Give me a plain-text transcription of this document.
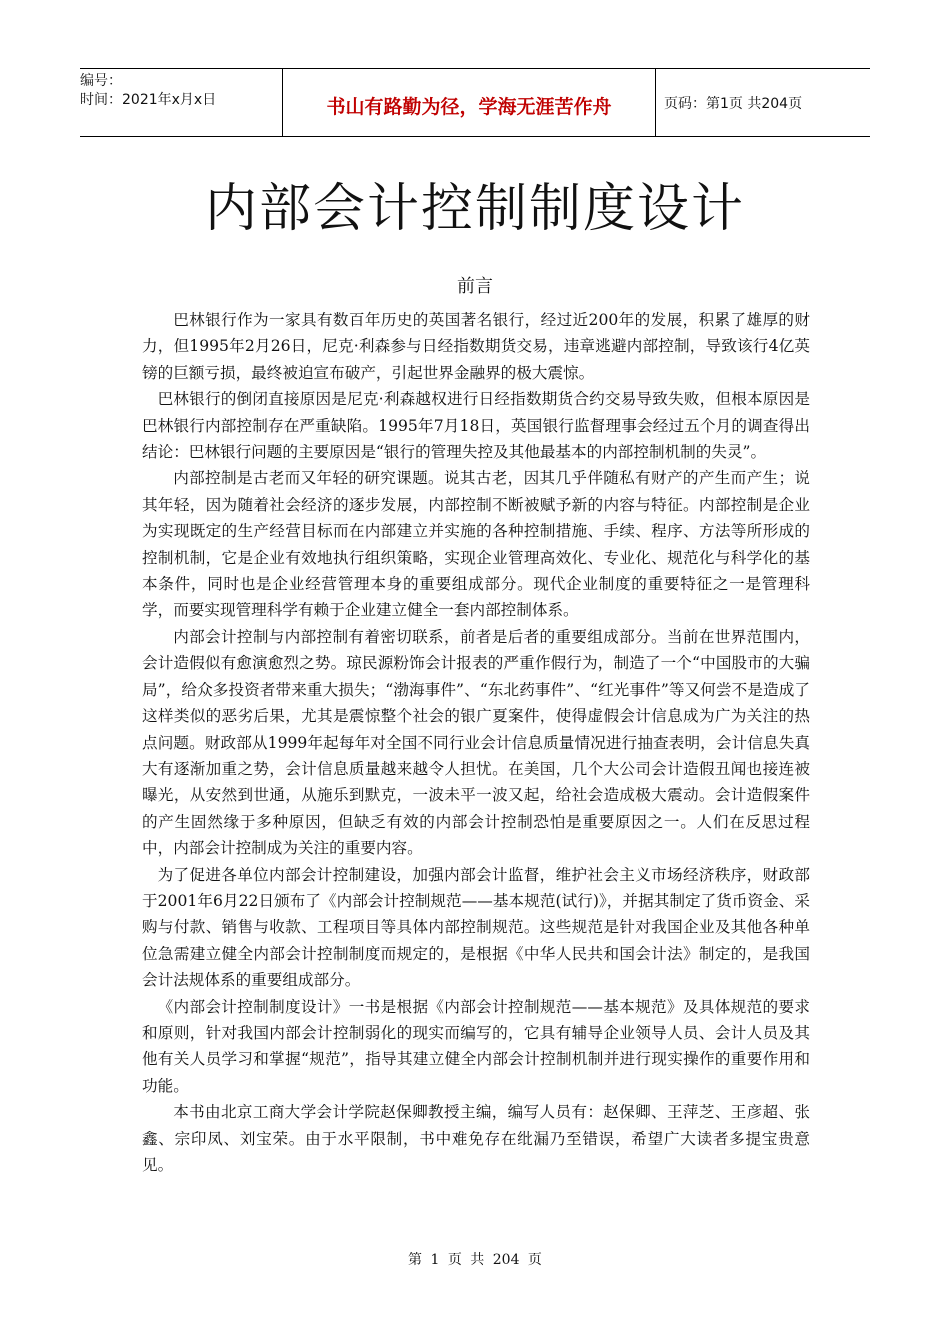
编号：
时间：2021年x月x日	书山有路勤为径，学海无涯苦作舟	页码：第1页 共204页
内部会计控制制度设计
前言

巴林银行作为一家具有数百年历史的英国著名银行，经过近200年的发展，积累了雄厚的财力，但1995年2月26日，尼克·利森参与日经指数期货交易，违章逃避内部控制，导致该行4亿英镑的巨额亏损，最终被迫宣布破产，引起世界金融界的极大震惊。

巴林银行的倒闭直接原因是尼克·利森越权进行日经指数期货合约交易导致失败，但根本原因是巴林银行内部控制存在严重缺陷。1995年7月18日，英国银行监督理事会经过五个月的调查得出结论：巴林银行问题的主要原因是“银行的管理失控及其他最基本的内部控制机制的失灵”。

内部控制是古老而又年轻的研究课题。说其古老，因其几乎伴随私有财产的产生而产生；说其年轻，因为随着社会经济的逐步发展，内部控制不断被赋予新的内容与特征。内部控制是企业为实现既定的生产经营目标而在内部建立并实施的各种控制措施、手续、程序、方法等所形成的控制机制，它是企业有效地执行组织策略，实现企业管理高效化、专业化、规范化与科学化的基本条件，同时也是企业经营管理本身的重要组成部分。现代企业制度的重要特征之一是管理科学，而要实现管理科学有赖于企业建立健全一套内部控制体系。

内部会计控制与内部控制有着密切联系，前者是后者的重要组成部分。当前在世界范围内，会计造假似有愈演愈烈之势。琼民源粉饰会计报表的严重作假行为，制造了一个“中国股市的大骗局”，给众多投资者带来重大损失；“渤海事件”、“东北药事件”、“红光事件”等又何尝不是造成了这样类似的恶劣后果，尤其是震惊整个社会的银广夏案件，使得虚假会计信息成为广为关注的热点问题。财政部从1999年起每年对全国不同行业会计信息质量情况进行抽查表明，会计信息失真大有逐渐加重之势，会计信息质量越来越令人担忧。在美国，几个大公司会计造假丑闻也接连被曝光，从安然到世通，从施乐到默克，一波未平一波又起，给社会造成极大震动。会计造假案件的产生固然缘于多种原因，但缺乏有效的内部会计控制恐怕是重要原因之一。人们在反思过程中，内部会计控制成为关注的重要内容。

为了促进各单位内部会计控制建设，加强内部会计监督，维护社会主义市场经济秩序，财政部于2001年6月22日颁布了《内部会计控制规范——基本规范(试行)》，并据其制定了货币资金、采购与付款、销售与收款、工程项目等具体内部控制规范。这些规范是针对我国企业及其他各种单位急需建立健全内部会计控制制度而规定的，是根据《中华人民共和国会计法》制定的，是我国会计法规体系的重要组成部分。

《内部会计控制制度设计》一书是根据《内部会计控制规范——基本规范》及具体规范的要求和原则，针对我国内部会计控制弱化的现实而编写的，它具有辅导企业领导人员、会计人员及其他有关人员学习和掌握“规范”，指导其建立健全内部会计控制机制并进行现实操作的重要作用和功能。

本书由北京工商大学会计学院赵保卿教授主编，编写人员有：赵保卿、王萍芝、王彦超、张鑫、宗印凤、刘宝荣。由于水平限制，书中难免存在纰漏乃至错误，希望广大读者多提宝贵意见。

第 1 页 共 204 页
